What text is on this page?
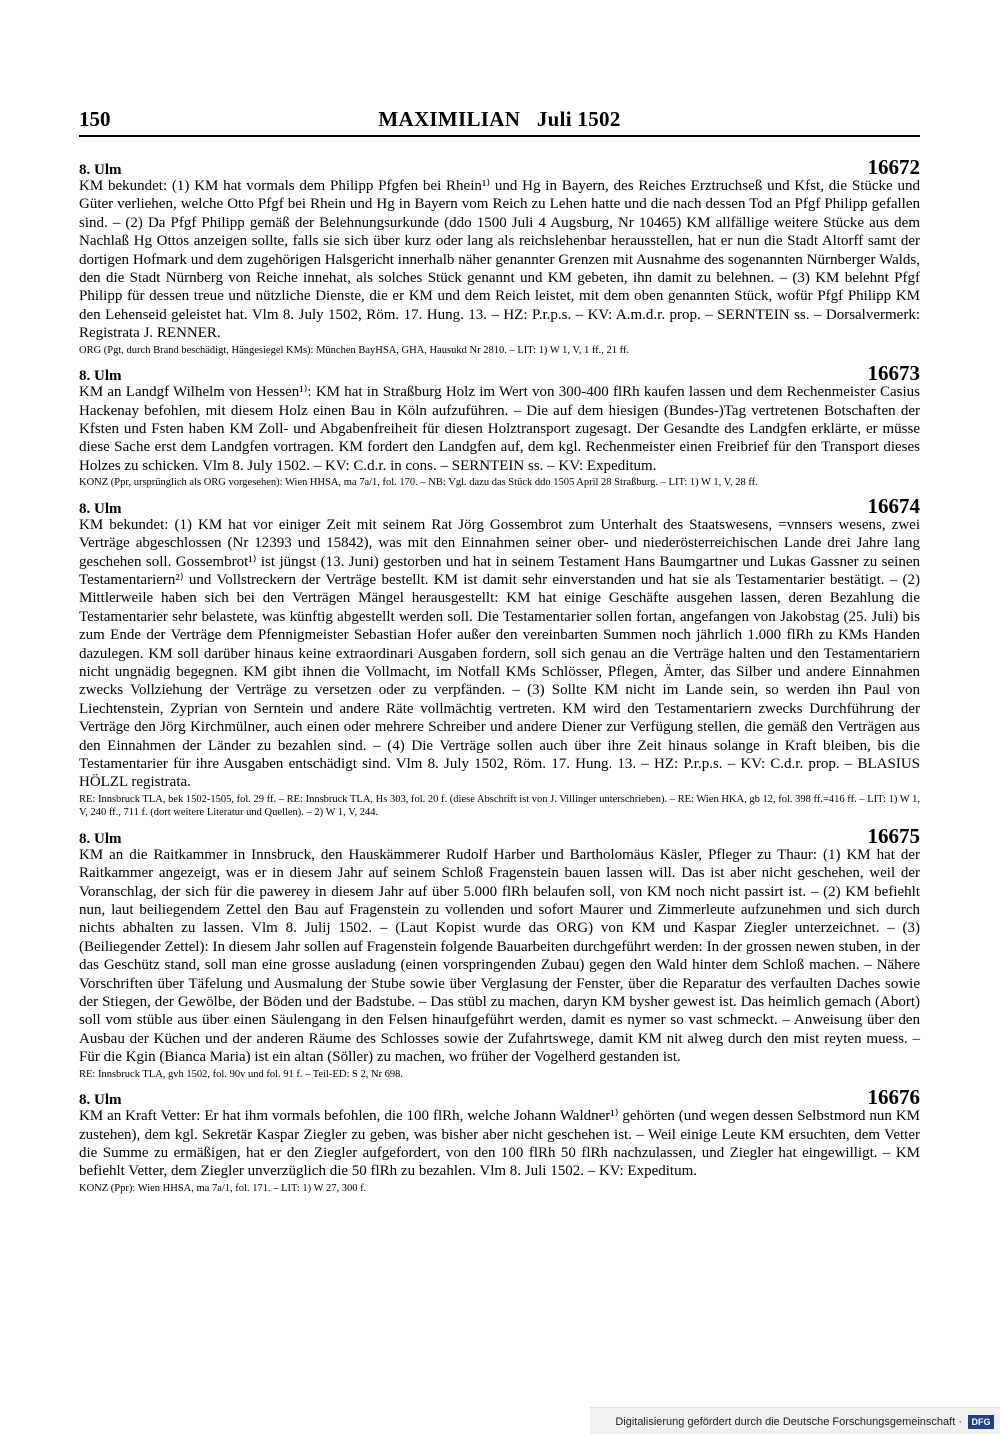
150	MAXIMILIAN   Juli 1502
8. Ulm	16672

KM bekundet: (1) KM hat vormals dem Philipp Pfgfen bei Rhein¹⁾ und Hg in Bayern, des Reiches Erztruchseß und Kfst, die Stücke und Güter verliehen, welche Otto Pfgf bei Rhein und Hg in Bayern vom Reich zu Lehen hatte und die nach dessen Tod an Pfgf Philipp gefallen sind. – (2) Da Pfgf Philipp gemäß der Belehnungsurkunde (ddo 1500 Juli 4 Augsburg, Nr 10465) KM allfällige weitere Stücke aus dem Nachlaß Hg Ottos anzeigen sollte, falls sie sich über kurz oder lang als reichslehenbar herausstellen, hat er nun die Stadt Altorff samt der dortigen Hofmark und dem zugehörigen Halsgericht innerhalb näher genannter Grenzen mit Ausnahme des sogenannten Nürnberger Walds, den die Stadt Nürnberg von Reiche innehat, als solches Stück genannt und KM gebeten, ihn damit zu belehnen. – (3) KM belehnt Pfgf Philipp für dessen treue und nützliche Dienste, die er KM und dem Reich leistet, mit dem oben genannten Stück, wofür Pfgf Philipp KM den Lehenseid geleistet hat. Vlm 8. July 1502, Röm. 17. Hung. 13. – HZ: P.r.p.s. – KV: A.m.d.r. prop. – SERNTEIN ss. – Dorsalvermerk: Registrata J. RENNER.

ORG (Pgt, durch Brand beschädigt, Hängesiegel KMs): München BayHSA, GHA, Hausukd Nr 2810. – LIT: 1) W 1, V, 1 ff., 21 ff.

8. Ulm	16673

KM an Landgf Wilhelm von Hessen¹⁾: KM hat in Straßburg Holz im Wert von 300-400 flRh kaufen lassen und dem Rechenmeister Casius Hackenay befohlen, mit diesem Holz einen Bau in Köln aufzuführen. – Die auf dem hiesigen (Bundes-)Tag vertretenen Botschaften der Kfsten und Fsten haben KM Zoll- und Abgabenfreiheit für diesen Holztransport zugesagt. Der Gesandte des Landgfen erklärte, er müsse diese Sache erst dem Landgfen vortragen. KM fordert den Landgfen auf, dem kgl. Rechenmeister einen Freibrief für den Transport dieses Holzes zu schicken. Vlm 8. July 1502. – KV: C.d.r. in cons. – SERNTEIN ss. – KV: Expeditum.

KONZ (Ppr, ursprünglich als ORG vorgesehen): Wien HHSA, ma 7a/1, fol. 170. – NB: Vgl. dazu das Stück ddo 1505 April 28 Straßburg. – LIT: 1) W 1, V, 28 ff.

8. Ulm	16674

KM bekundet: (1) KM hat vor einiger Zeit mit seinem Rat Jörg Gossembrot zum Unterhalt des Staatswesens, =vnnsers wesens, zwei Verträge abgeschlossen (Nr 12393 und 15842), was mit den Einnahmen seiner ober- und niederösterreichischen Lande drei Jahre lang geschehen soll. Gossembrot¹⁾ ist jüngst (13. Juni) gestorben und hat in seinem Testament Hans Baumgartner und Lukas Gassner zu seinen Testamentariern²⁾ und Vollstreckern der Verträge bestellt. KM ist damit sehr einverstanden und hat sie als Testamentarier bestätigt. – (2) Mittlerweile haben sich bei den Verträgen Mängel herausgestellt: KM hat einige Geschäfte ausgehen lassen, deren Bezahlung die Testamentarier sehr belastete, was künftig abgestellt werden soll. Die Testamentarier sollen fortan, angefangen von Jakobstag (25. Juli) bis zum Ende der Verträge dem Pfennigmeister Sebastian Hofer außer den vereinbarten Summen noch jährlich 1.000 flRh zu KMs Handen dazulegen. KM soll darüber hinaus keine extraordinari Ausgaben fordern, soll sich genau an die Verträge halten und den Testamentariern nicht ungnädig begegnen. KM gibt ihnen die Vollmacht, im Notfall KMs Schlösser, Pflegen, Ämter, das Silber und andere Einnahmen zwecks Vollziehung der Verträge zu versetzen oder zu verpfänden. – (3) Sollte KM nicht im Lande sein, so werden ihn Paul von Liechtenstein, Zyprian von Serntein und andere Räte vollmächtig vertreten. KM wird den Testamentariern zwecks Durchführung der Verträge den Jörg Kirchmülner, auch einen oder mehrere Schreiber und andere Diener zur Verfügung stellen, die gemäß den Verträgen aus den Einnahmen der Länder zu bezahlen sind. – (4) Die Verträge sollen auch über ihre Zeit hinaus solange in Kraft bleiben, bis die Testamentarier für ihre Ausgaben entschädigt sind. Vlm 8. July 1502, Röm. 17. Hung. 13. – HZ: P.r.p.s. – KV: C.d.r. prop. – BLASIUS HÖLZL registrata.

RE: Innsbruck TLA, bek 1502-1505, fol. 29 ff. – RE: Innsbruck TLA, Hs 303, fol. 20 f. (diese Abschrift ist von J. Villinger unterschrieben). – RE: Wien HKA, gb 12, fol. 398 ff.=416 ff. – LIT: 1) W 1, V, 240 ff., 711 f. (dort weitere Literatur und Quellen). – 2) W 1, V, 244.

8. Ulm	16675

KM an die Raitkammer in Innsbruck, den Hauskämmerer Rudolf Harber und Bartholomäus Käsler, Pfleger zu Thaur: (1) KM hat der Raitkammer angezeigt, was er in diesem Jahr auf seinem Schloß Fragenstein bauen lassen will. Das ist aber nicht geschehen, weil der Voranschlag, der sich für die pawerey in diesem Jahr auf über 5.000 flRh belaufen soll, von KM noch nicht passirt ist. – (2) KM befiehlt nun, laut beiliegendem Zettel den Bau auf Fragenstein zu vollenden und sofort Maurer und Zimmerleute aufzunehmen und sich durch nichts abhalten zu lassen. Vlm 8. Julij 1502. – (Laut Kopist wurde das ORG) von KM und Kaspar Ziegler unterzeichnet. – (3) (Beiliegender Zettel): In diesem Jahr sollen auf Fragenstein folgende Bauarbeiten durchgeführt werden: In der grossen newen stuben, in der das Geschütz stand, soll man eine grosse ausladung (einen vorspringenden Zubau) gegen den Wald hinter dem Schloß machen. – Nähere Vorschriften über Täfelung und Ausmalung der Stube sowie über Verglasung der Fenster, über die Reparatur des verfaulten Daches sowie der Stiegen, der Gewölbe, der Böden und der Badstube. – Das stübl zu machen, daryn KM bysher gewest ist. Das heimlich gemach (Abort) soll vom stüble aus über einen Säulengang in den Felsen hinaufgeführt werden, damit es nymer so vast schmeckt. – Anweisung über den Ausbau der Küchen und der anderen Räume des Schlosses sowie der Zufahrtswege, damit KM nit alweg durch den mist reyten muess. – Für die Kgin (Bianca Maria) ist ein altan (Söller) zu machen, wo früher der Vogelherd gestanden ist.

RE: Innsbruck TLA, gvh 1502, fol. 90v und fol. 91 f. – Teil-ED: S 2, Nr 698.

8. Ulm	16676

KM an Kraft Vetter: Er hat ihm vormals befohlen, die 100 flRh, welche Johann Waldner¹⁾ gehörten (und wegen dessen Selbstmord nun KM zustehen), dem kgl. Sekretär Kaspar Ziegler zu geben, was bisher aber nicht geschehen ist. – Weil einige Leute KM ersuchten, dem Vetter die Summe zu ermäßigen, hat er den Ziegler aufgefordert, von den 100 flRh 50 flRh nachzulassen, und Ziegler hat eingewilligt. – KM befiehlt Vetter, dem Ziegler unverzüglich die 50 flRh zu bezahlen. Vlm 8. Juli 1502. – KV: Expeditum.

KONZ (Ppr): Wien HHSA, ma 7a/1, fol. 171. – LIT: 1) W 27, 300 f.

Digitalisierung gefördert durch die Deutsche Forschungsgemeinschaft ·	DFG
